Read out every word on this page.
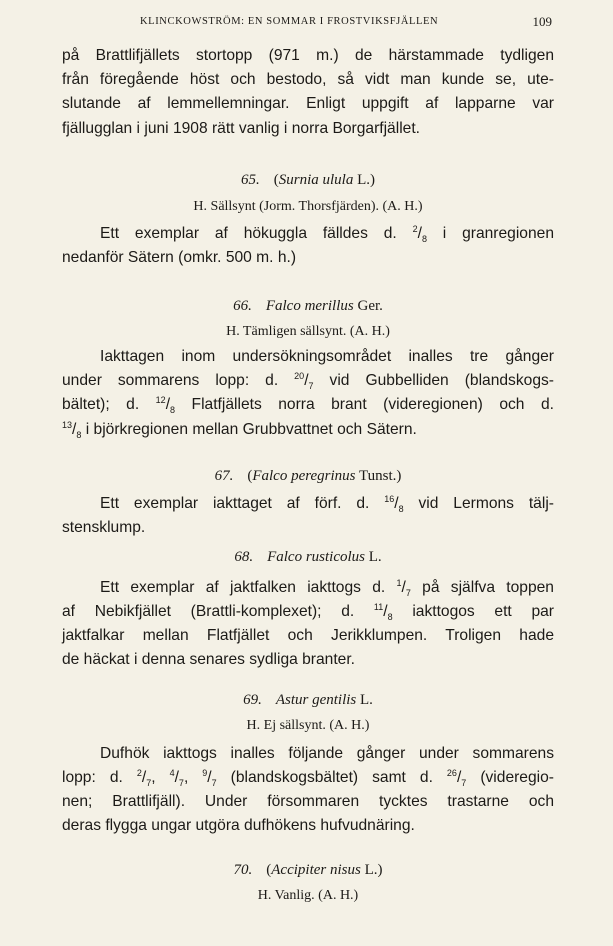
KLINCKOWSTRÖM: EN SOMMAR I FROSTVIKSFJÄLLEN	109
på Brattlifjällets stortopp (971 m.) de härstammade tydligen
från föregående höst och bestodo, så vidt man kunde se, ute-
slutande af lemmellemningar. Enligt uppgift af lapparne var
fjällugglan i juni 1908 rätt vanlig i norra Borgarfjället.
65. (Surnia ulula L.)
H. Sällsynt (Jorm. Thorsfjärden). (A. H.)
Ett exemplar af hökuggla fälldes d. $^2/_8$ i granregionen
nedanför Sätern (omkr. 500 m. h.)
66. Falco merillus Ger.
H. Tämligen sällsynt. (A. H.)
Iakttagen inom undersökningsområdet inalles tre gånger
under sommarens lopp: d. $^{20}/_7$ vid Gubbelliden (blandskogs-
bältet); d. $^{12}/_8$ Flatfjällets norra brant (videregionen) och d.
$^{13}/_8$ i björkregionen mellan Grubbvattnet och Sätern.
67. (Falco peregrinus Tunst.)
Ett exemplar iakttaget af förf. d. $^{16}/_8$ vid Lermons tälj-
stensklump.
68. Falco rusticolus L.
Ett exemplar af jaktfalken iakttogs d. $^1/_7$ på själfva toppen
af Nebikfjället (Brattli-komplexet); d. $^{11}/_8$ iakttogos ett par
jaktfalkar mellan Flatfjället och Jerikklumpen. Troligen hade
de häckat i denna senares sydliga branter.
69. Astur gentilis L.
H. Ej sällsynt. (A. H.)
Dufhök iakttogs inalles följande gånger under sommarens
lopp: d. $^2/_7$, $^4/_7$, $^9/_7$ (blandskogsbältet) samt d. $^{26}/_7$ (videregio-
nen; Brattlifjäll). Under försommaren tycktes trastarne och
deras flygga ungar utgöra dufhökens hufvudnäring.
70. (Accipiter nisus L.)
H. Vanlig. (A. H.)
